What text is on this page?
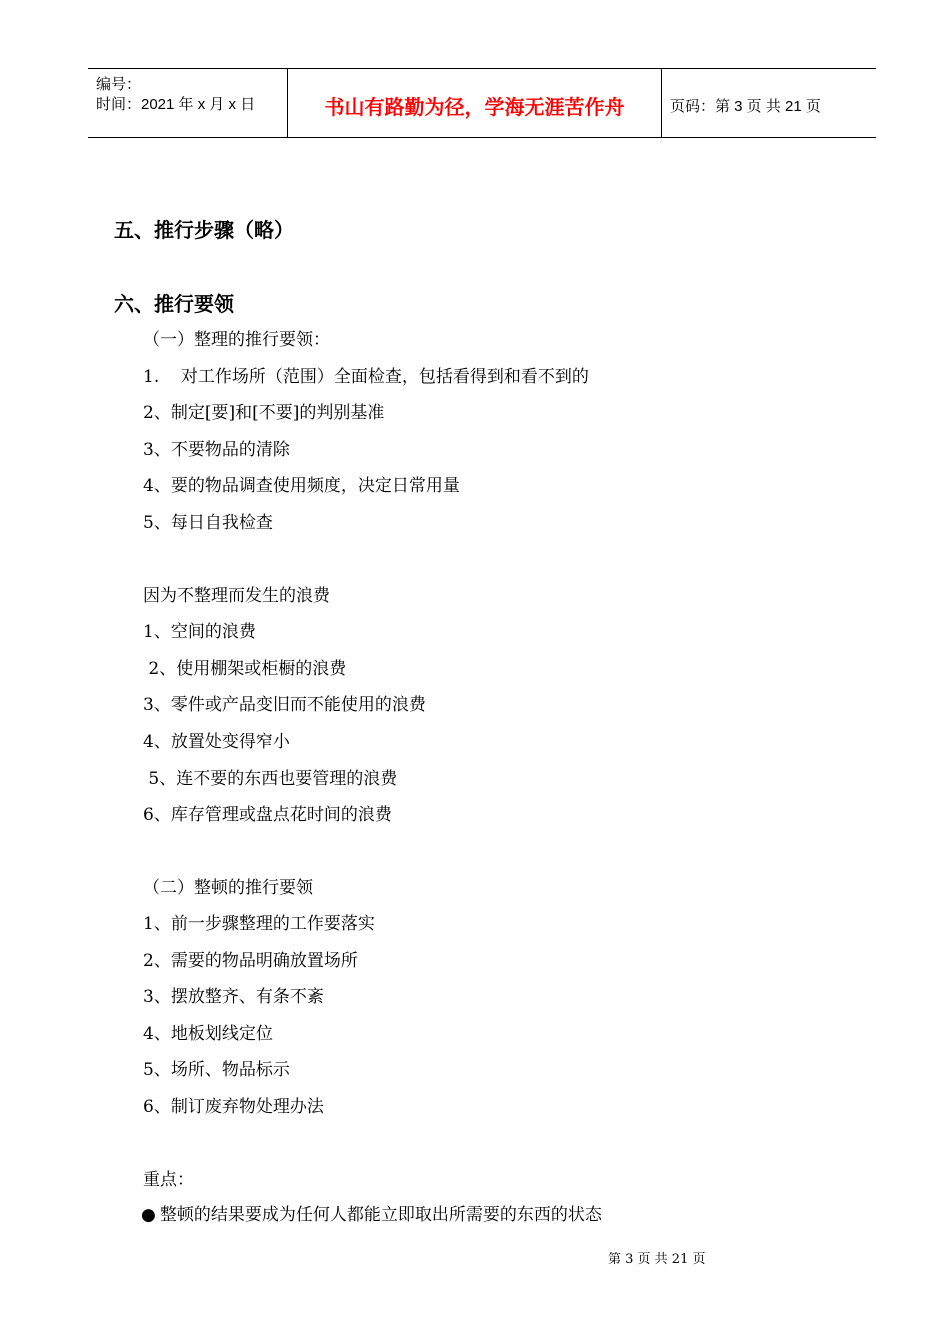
编号：
时间：2021 年 x 月 x 日	书山有路勤为径，学海无涯苦作舟	页码：第 3 页 共 21 页
五、推行步骤（略）
六、推行要领
（一）整理的推行要领：
1.    对工作场所（范围）全面检查，包括看得到和看不到的
2、制定[要]和[不要]的判别基准
3、不要物品的清除
4、要的物品调查使用频度，决定日常用量
5、每日自我检查
因为不整理而发生的浪费
1、空间的浪费
2、使用棚架或柜橱的浪费
3、零件或产品变旧而不能使用的浪费
4、放置处变得窄小
5、连不要的东西也要管理的浪费
6、库存管理或盘点花时间的浪费
（二）整顿的推行要领
1、前一步骤整理的工作要落实
2、需要的物品明确放置场所
3、摆放整齐、有条不紊
4、地板划线定位
5、场所、物品标示
6、制订废弃物处理办法
重点：
● 整顿的结果要成为任何人都能立即取出所需要的东西的状态
第 3 页 共 21 页
